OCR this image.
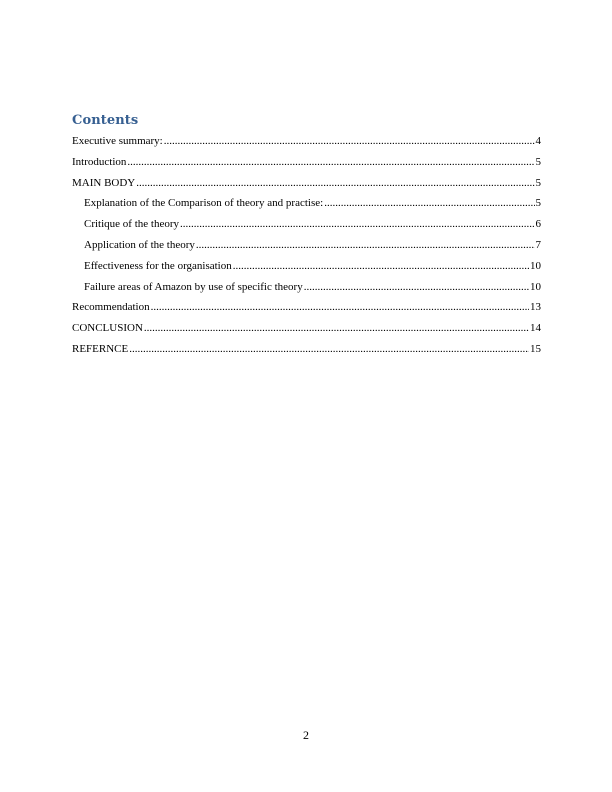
Contents
Executive summary: .....	4
Introduction .....	5
MAIN BODY .....	5
Explanation of the Comparison of theory and practise: .....	5
Critique of the theory .....	6
Application of the theory .....	7
Effectiveness for the organisation .....	10
Failure areas of Amazon by use of specific theory .....	10
Recommendation .....	13
CONCLUSION .....	14
REFERNCE .....	15
2
